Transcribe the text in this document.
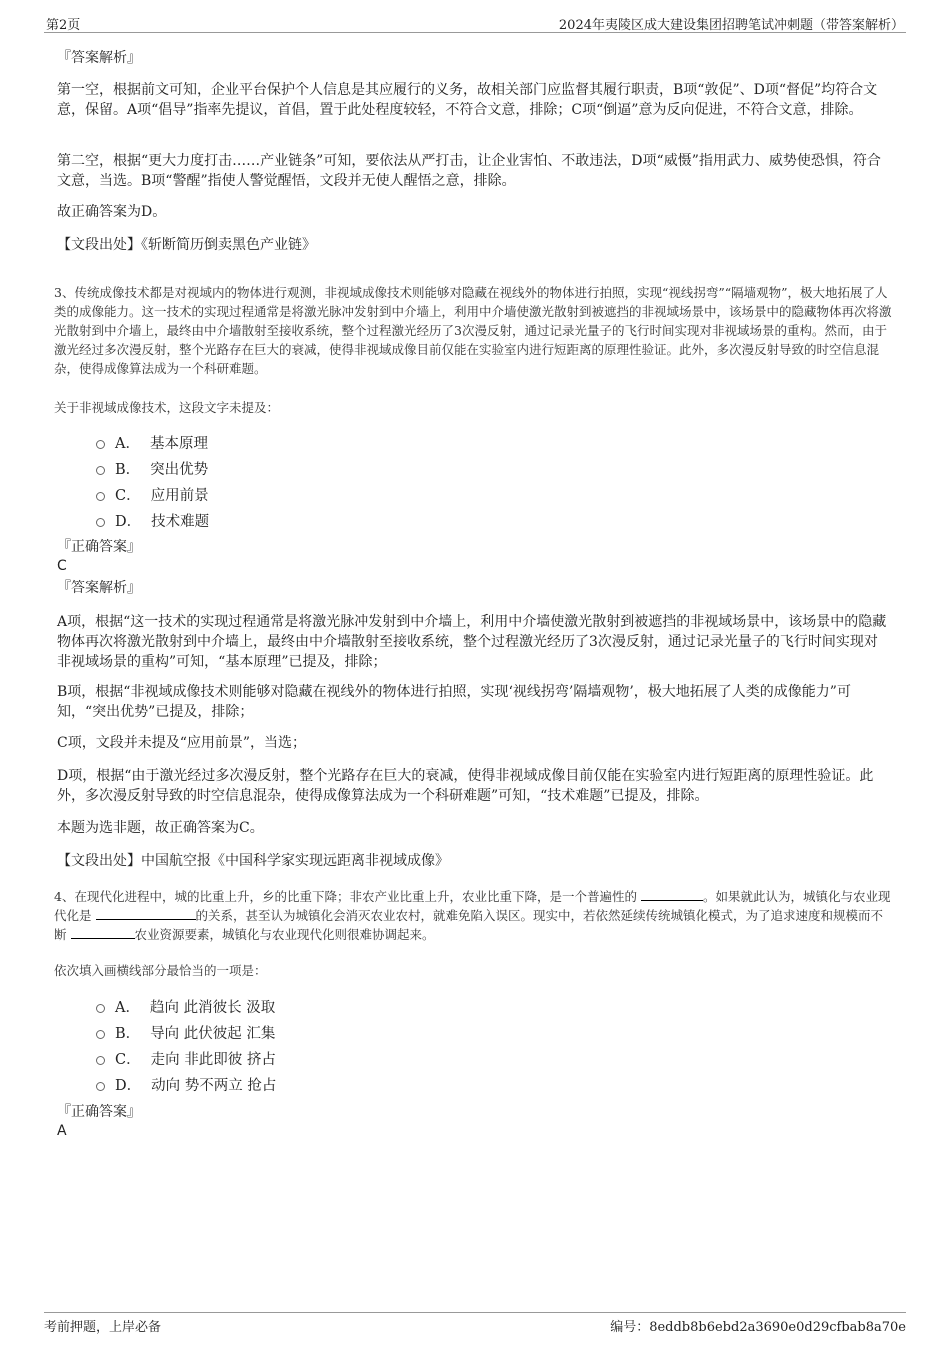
第2页	2024年夷陵区成大建设集团招聘笔试冲刺题（带答案解析）
『答案解析』
第一空，根据前文可知，企业平台保护个人信息是其应履行的义务，故相关部门应监督其履行职责，B项“敦促”、D项“督促”均符合文意，保留。A项“倡导”指率先提议，首倡，置于此处程度较轻，不符合文意，排除；C项“倒逼”意为反向促进，不符合文意，排除。
第二空，根据“更大力度打击……产业链条”可知，要依法从严打击，让企业害怕、不敢违法，D项“威慑”指用武力、威势使恐惧，符合文意，当选。B项“警醒”指使人警觉醒悟，文段并无使人醒悟之意，排除。
故正确答案为D。
【文段出处】《斩断简历倒卖黑色产业链》
3、传统成像技术都是对视域内的物体进行观测，非视域成像技术则能够对隐藏在视线外的物体进行拍照，实现“视线拐弯”“隔墙观物”，极大地拓展了人类的成像能力。这一技术的实现过程通常是将激光脉冲发射到中介墙上，利用中介墙使激光散射到被遮挡的非视域场景中，该场景中的隐藏物体再次将激光散射到中介墙上，最终由中介墙散射至接收系统，整个过程激光经历了3次漫反射，通过记录光量子的飞行时间实现对非视域场景的重构。然而，由于激光经过多次漫反射，整个光路存在巨大的衰减，使得非视域成像目前仅能在实验室内进行短距离的原理性验证。此外，多次漫反射导致的时空信息混杂，使得成像算法成为一个科研难题。
关于非视域成像技术，这段文字未提及：
A． 基本原理
B． 突出优势
C． 应用前景
D． 技术难题
『正确答案』
C
『答案解析』
A项，根据“这一技术的实现过程通常是将激光脉冲发射到中介墙上，利用中介墙使激光散射到被遮挡的非视域场景中，该场景中的隐藏物体再次将激光散射到中介墙上，最终由中介墙散射至接收系统，整个过程激光经历了3次漫反射，通过记录光量子的飞行时间实现对非视域场景的重构”可知，“基本原理”已提及，排除；
B项，根据“非视域成像技术则能够对隐藏在视线外的物体进行拍照，实现‘视线拐弯’隔墙观物’，极大地拓展了人类的成像能力”可知，“突出优势”已提及，排除；
C项，文段并未提及“应用前景”，当选；
D项，根据“由于激光经过多次漫反射，整个光路存在巨大的衰减，使得非视域成像目前仅能在实验室内进行短距离的原理性验证。此外，多次漫反射导致的时空信息混杂，使得成像算法成为一个科研难题”可知，“技术难题”已提及，排除。
本题为选非题，故正确答案为C。
【文段出处】中国航空报《中国科学家实现远距离非视域成像》
4、在现代化进程中，城的比重上升，乡的比重下降；非农产业比重上升，农业比重下降，是一个普遍性的	。如果就此认为，城镇化与农业现代化是	的关系，甚至认为城镇化会消灭农业农村，就难免陷入误区。现实中，若依然延续传统城镇化模式，为了追求速度和规模而不断	农业资源要素，城镇化与农业现代化则很难协调起来。
依次填入画横线部分最恰当的一项是：
A． 趋向 此消彼长 汲取
B． 导向 此伏彼起 汇集
C． 走向 非此即彼 挤占
D． 动向 势不两立 抢占
『正确答案』
A
考前押题，上岸必备	编号：8eddb8b6ebd2a3690e0d29cfbab8a70e
